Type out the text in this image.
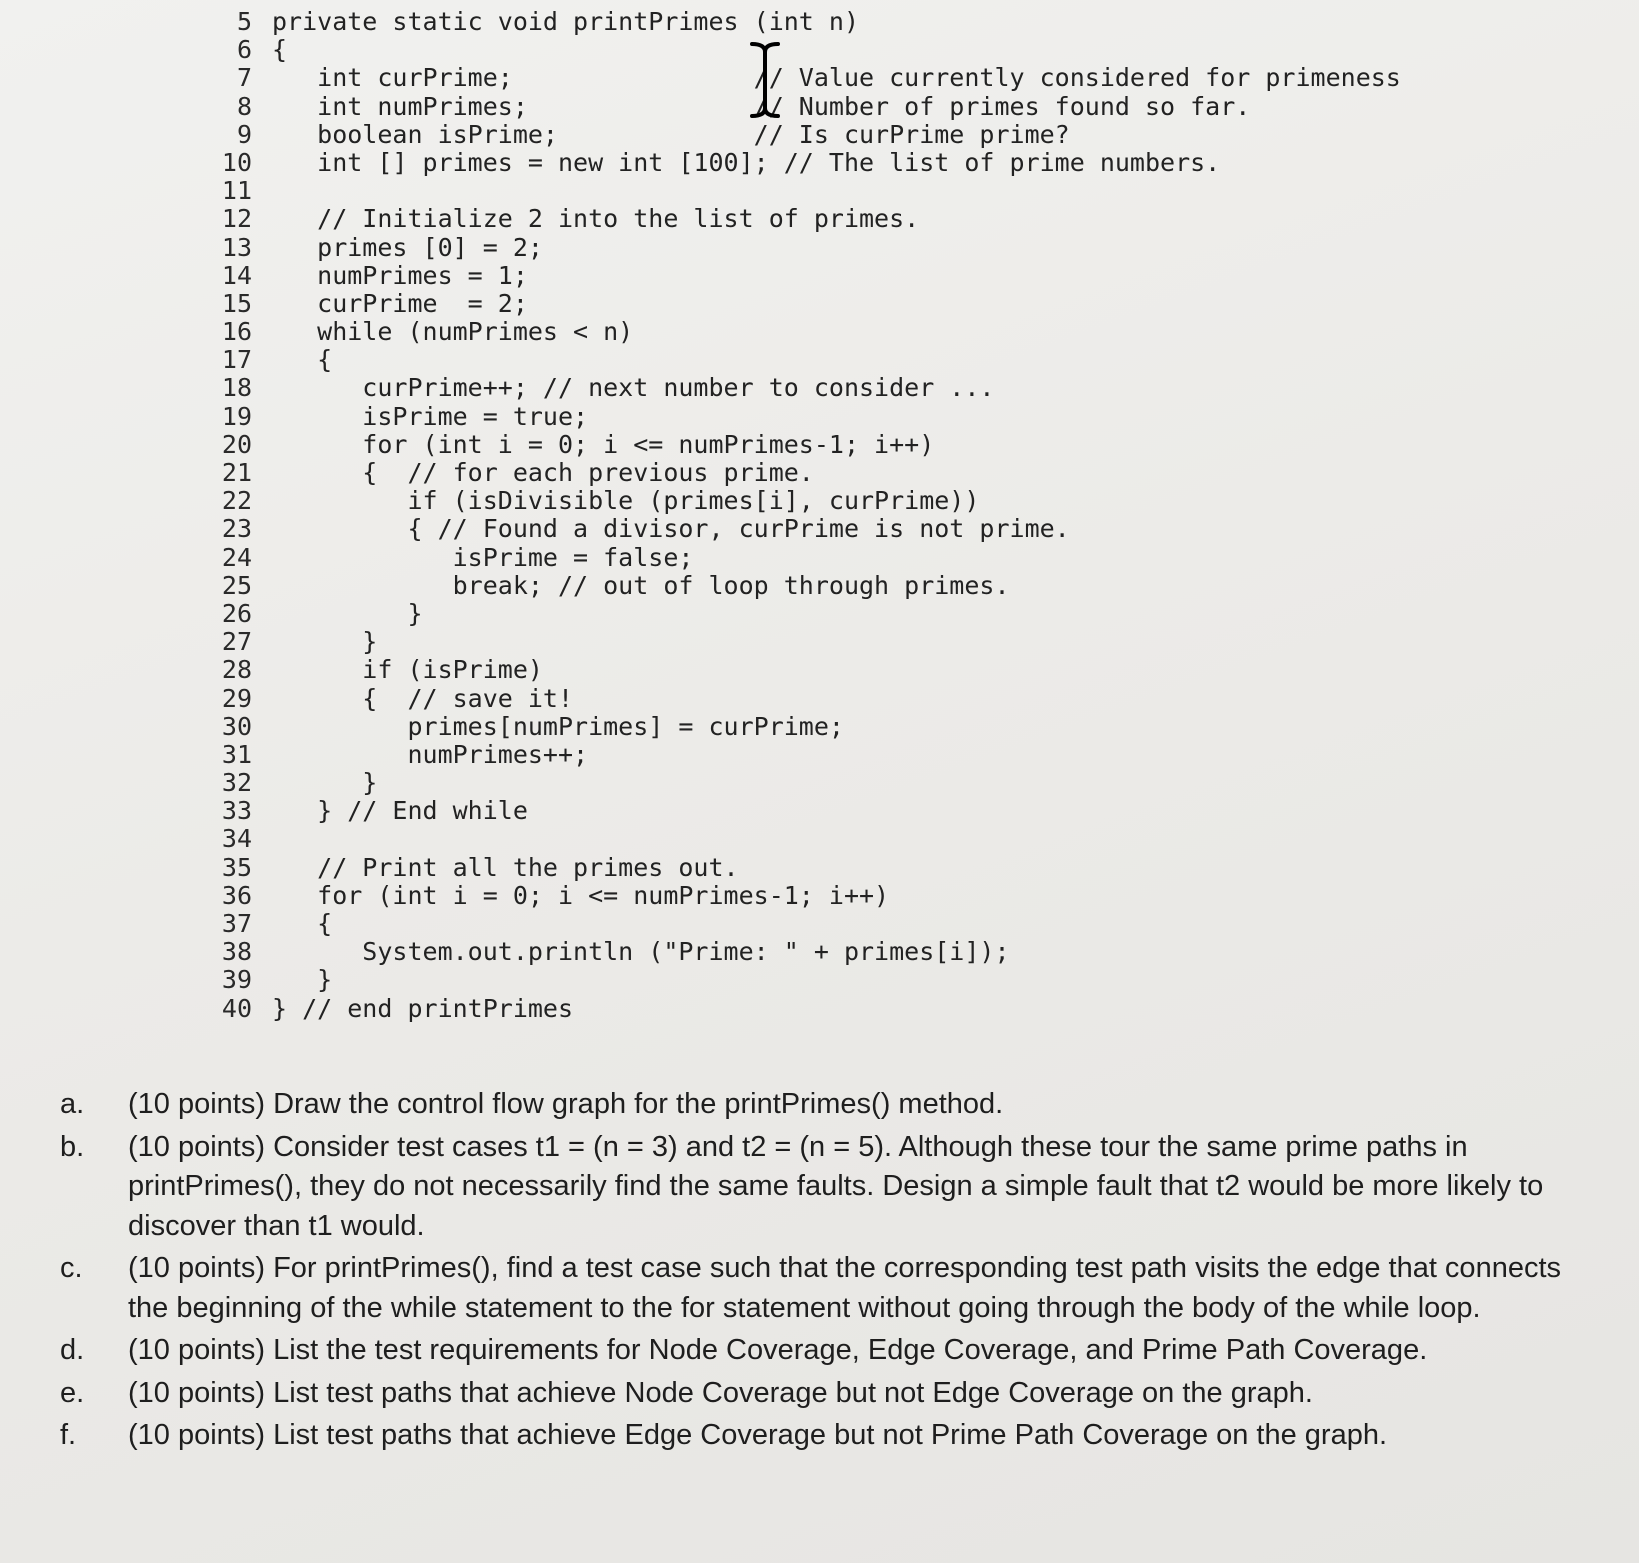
5 private static void printPrimes (int n)
6 {
7 int curPrime;                // Value currently considered for primeness
8 int numPrimes;               // Number of primes found so far.
9 boolean isPrime;             // Is curPrime prime?
10 int [] primes = new int [100]; // The list of prime numbers.
11
12 // Initialize 2 into the list of primes.
13 primes [0] = 2;
14 numPrimes = 1;
15 curPrime  = 2;
16 while (numPrimes < n)
17 {
18 curPrime++; // next number to consider ...
19 isPrime = true;
20 for (int i = 0; i <= numPrimes-1; i++)
21 {  // for each previous prime.
22 if (isDivisible (primes[i], curPrime))
23 { // Found a divisor, curPrime is not prime.
24 isPrime = false;
25 break; // out of loop through primes.
26 }
27 }
28 if (isPrime)
29 {  // save it!
30 primes[numPrimes] = curPrime;
31 numPrimes++;
32 }
33 } // End while
34
35 // Print all the primes out.
36 for (int i = 0; i <= numPrimes-1; i++)
37 {
38 System.out.println ("Prime: " + primes[i]);
39 }
40 } // end printPrimes
a.	(10 points) Draw the control flow graph for the printPrimes() method.
b.	(10 points) Consider test cases t1 = (n = 3) and t2 = (n = 5). Although these tour the same prime paths in printPrimes(), they do not necessarily find the same faults. Design a simple fault that t2 would be more likely to discover than t1 would.
c.	(10 points) For printPrimes(), find a test case such that the corresponding test path visits the edge that connects the beginning of the while statement to the for statement without going through the body of the while loop.
d.	(10 points) List the test requirements for Node Coverage, Edge Coverage, and Prime Path Coverage.
e.	(10 points) List test paths that achieve Node Coverage but not Edge Coverage on the graph.
f.	(10 points) List test paths that achieve Edge Coverage but not Prime Path Coverage on the graph.
